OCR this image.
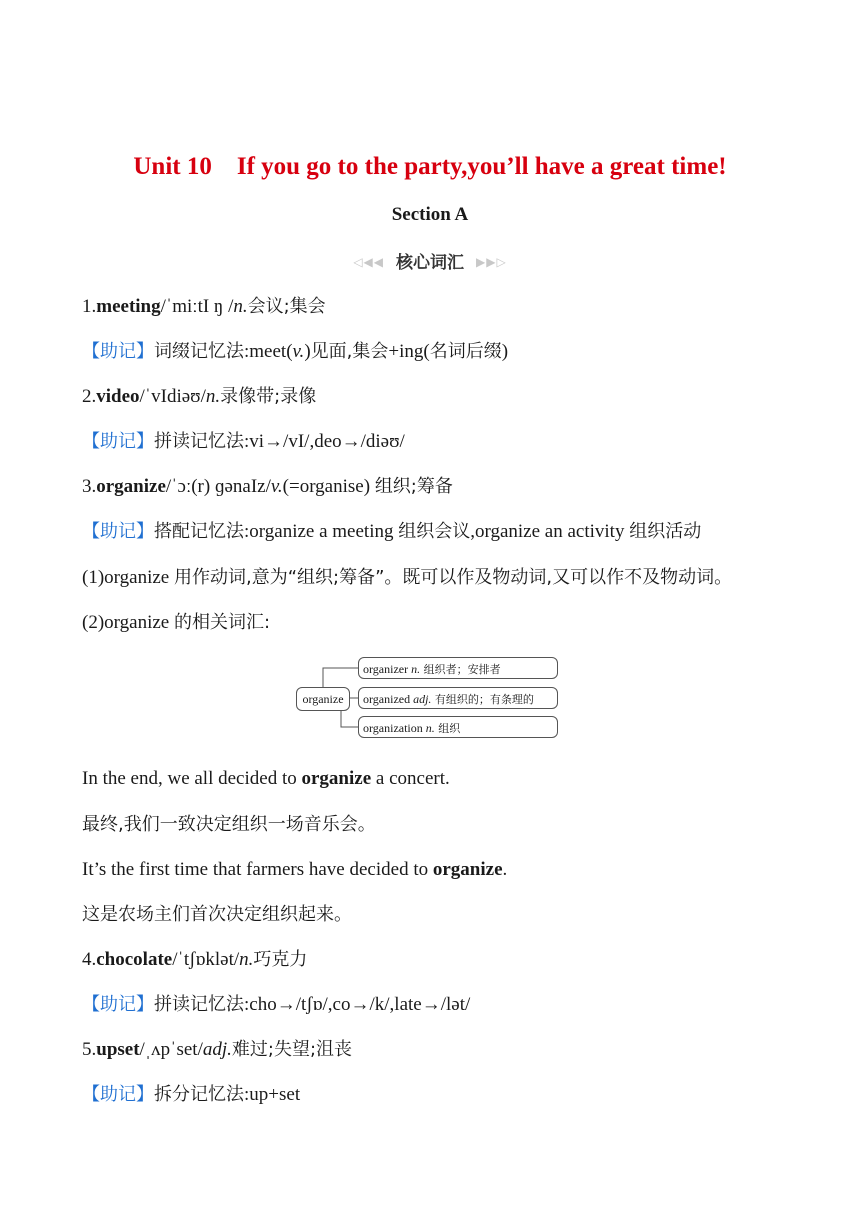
Unit 10    If you go to the party,you’ll have a great time!
Section A
◁◀◀ 核心词汇 ▶▶▷
1.meeting/ˈmiːtI ŋ /n.会议;集会
【助记】词缀记忆法:meet(v.)见面,集会+ing(名词后缀)
2.video/ˈvIdiəʊ/n.录像带;录像
【助记】拼读记忆法:vi→/vI/,deo→/diəʊ/
3.organize/ˈɔː(r) ɡənaIz/v.(=organise) 组织;筹备
【助记】搭配记忆法:organize a meeting 组织会议,organize an activity 组织活动
(1)organize 用作动词,意为“组织;筹备”。既可以作及物动词,又可以作不及物动词。
(2)organize 的相关词汇:
organize
organizer n. 组织者；安排者
organized adj. 有组织的；有条理的
organization n. 组织
In the end, we all decided to organize a concert.
最终,我们一致决定组织一场音乐会。
It’s the first time that farmers have decided to organize.
这是农场主们首次决定组织起来。
4.chocolate/ˈtʃɒklət/n.巧克力
【助记】拼读记忆法:cho→/tʃɒ/,co→/k/,late→/lət/
5.upset/ˌʌpˈset/adj.难过;失望;沮丧
【助记】拆分记忆法:up+set
